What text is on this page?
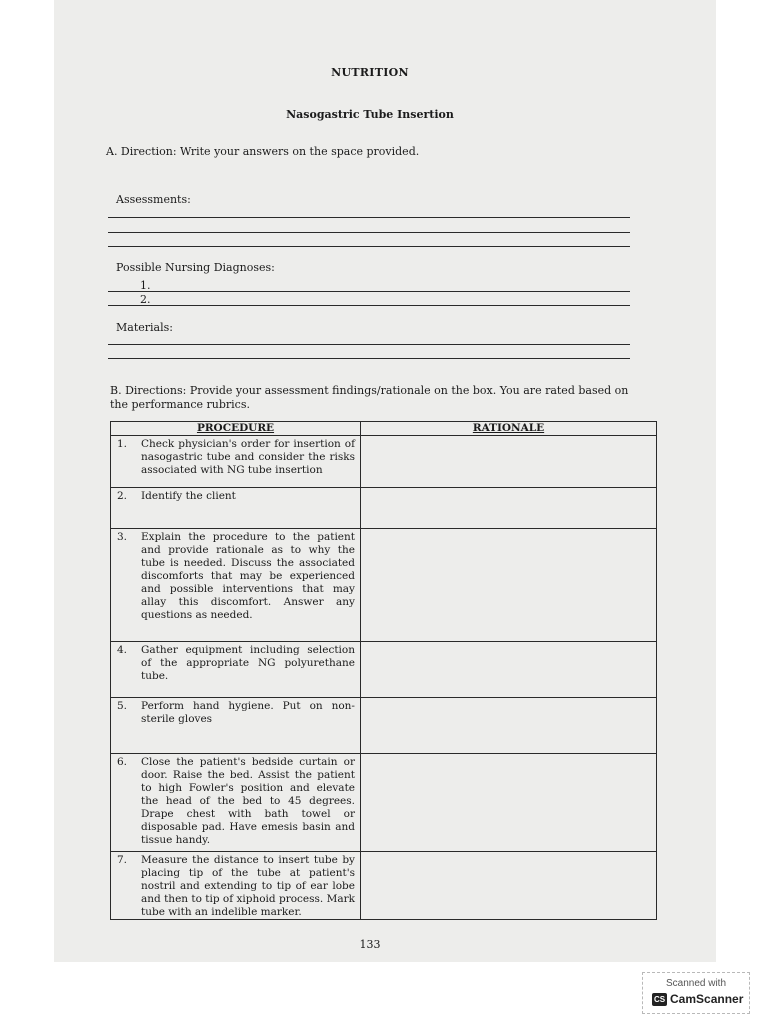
NUTRITION
Nasogastric Tube Insertion
A. Direction: Write your answers on the space provided.
Assessments:
Possible Nursing Diagnoses:
1.
2.
Materials:
B. Directions: Provide your assessment findings/rationale on the box. You are rated based on the performance rubrics.
PROCEDURE	RATIONALE

1. Check physician's order for insertion of nasogastric tube and consider the risks associated with NG tube insertion	

2. Identify the client	

3. Explain the procedure to the patient and provide rationale as to why the tube is needed. Discuss the associated discomforts that may be experienced and possible interventions that may allay this discomfort. Answer any questions as needed.	

4. Gather equipment including selection of the appropriate NG polyurethane tube.	

5. Perform hand hygiene. Put on non-sterile gloves	

6. Close the patient's bedside curtain or door. Raise the bed. Assist the patient to high Fowler's position and elevate the head of the bed to 45 degrees. Drape chest with bath towel or disposable pad. Have emesis basin and tissue handy.	

7. Measure the distance to insert tube by placing tip of the tube at patient's nostril and extending to tip of ear lobe and then to tip of xiphoid process. Mark tube with an indelible marker.	

133
Scanned with
CS CamScanner
